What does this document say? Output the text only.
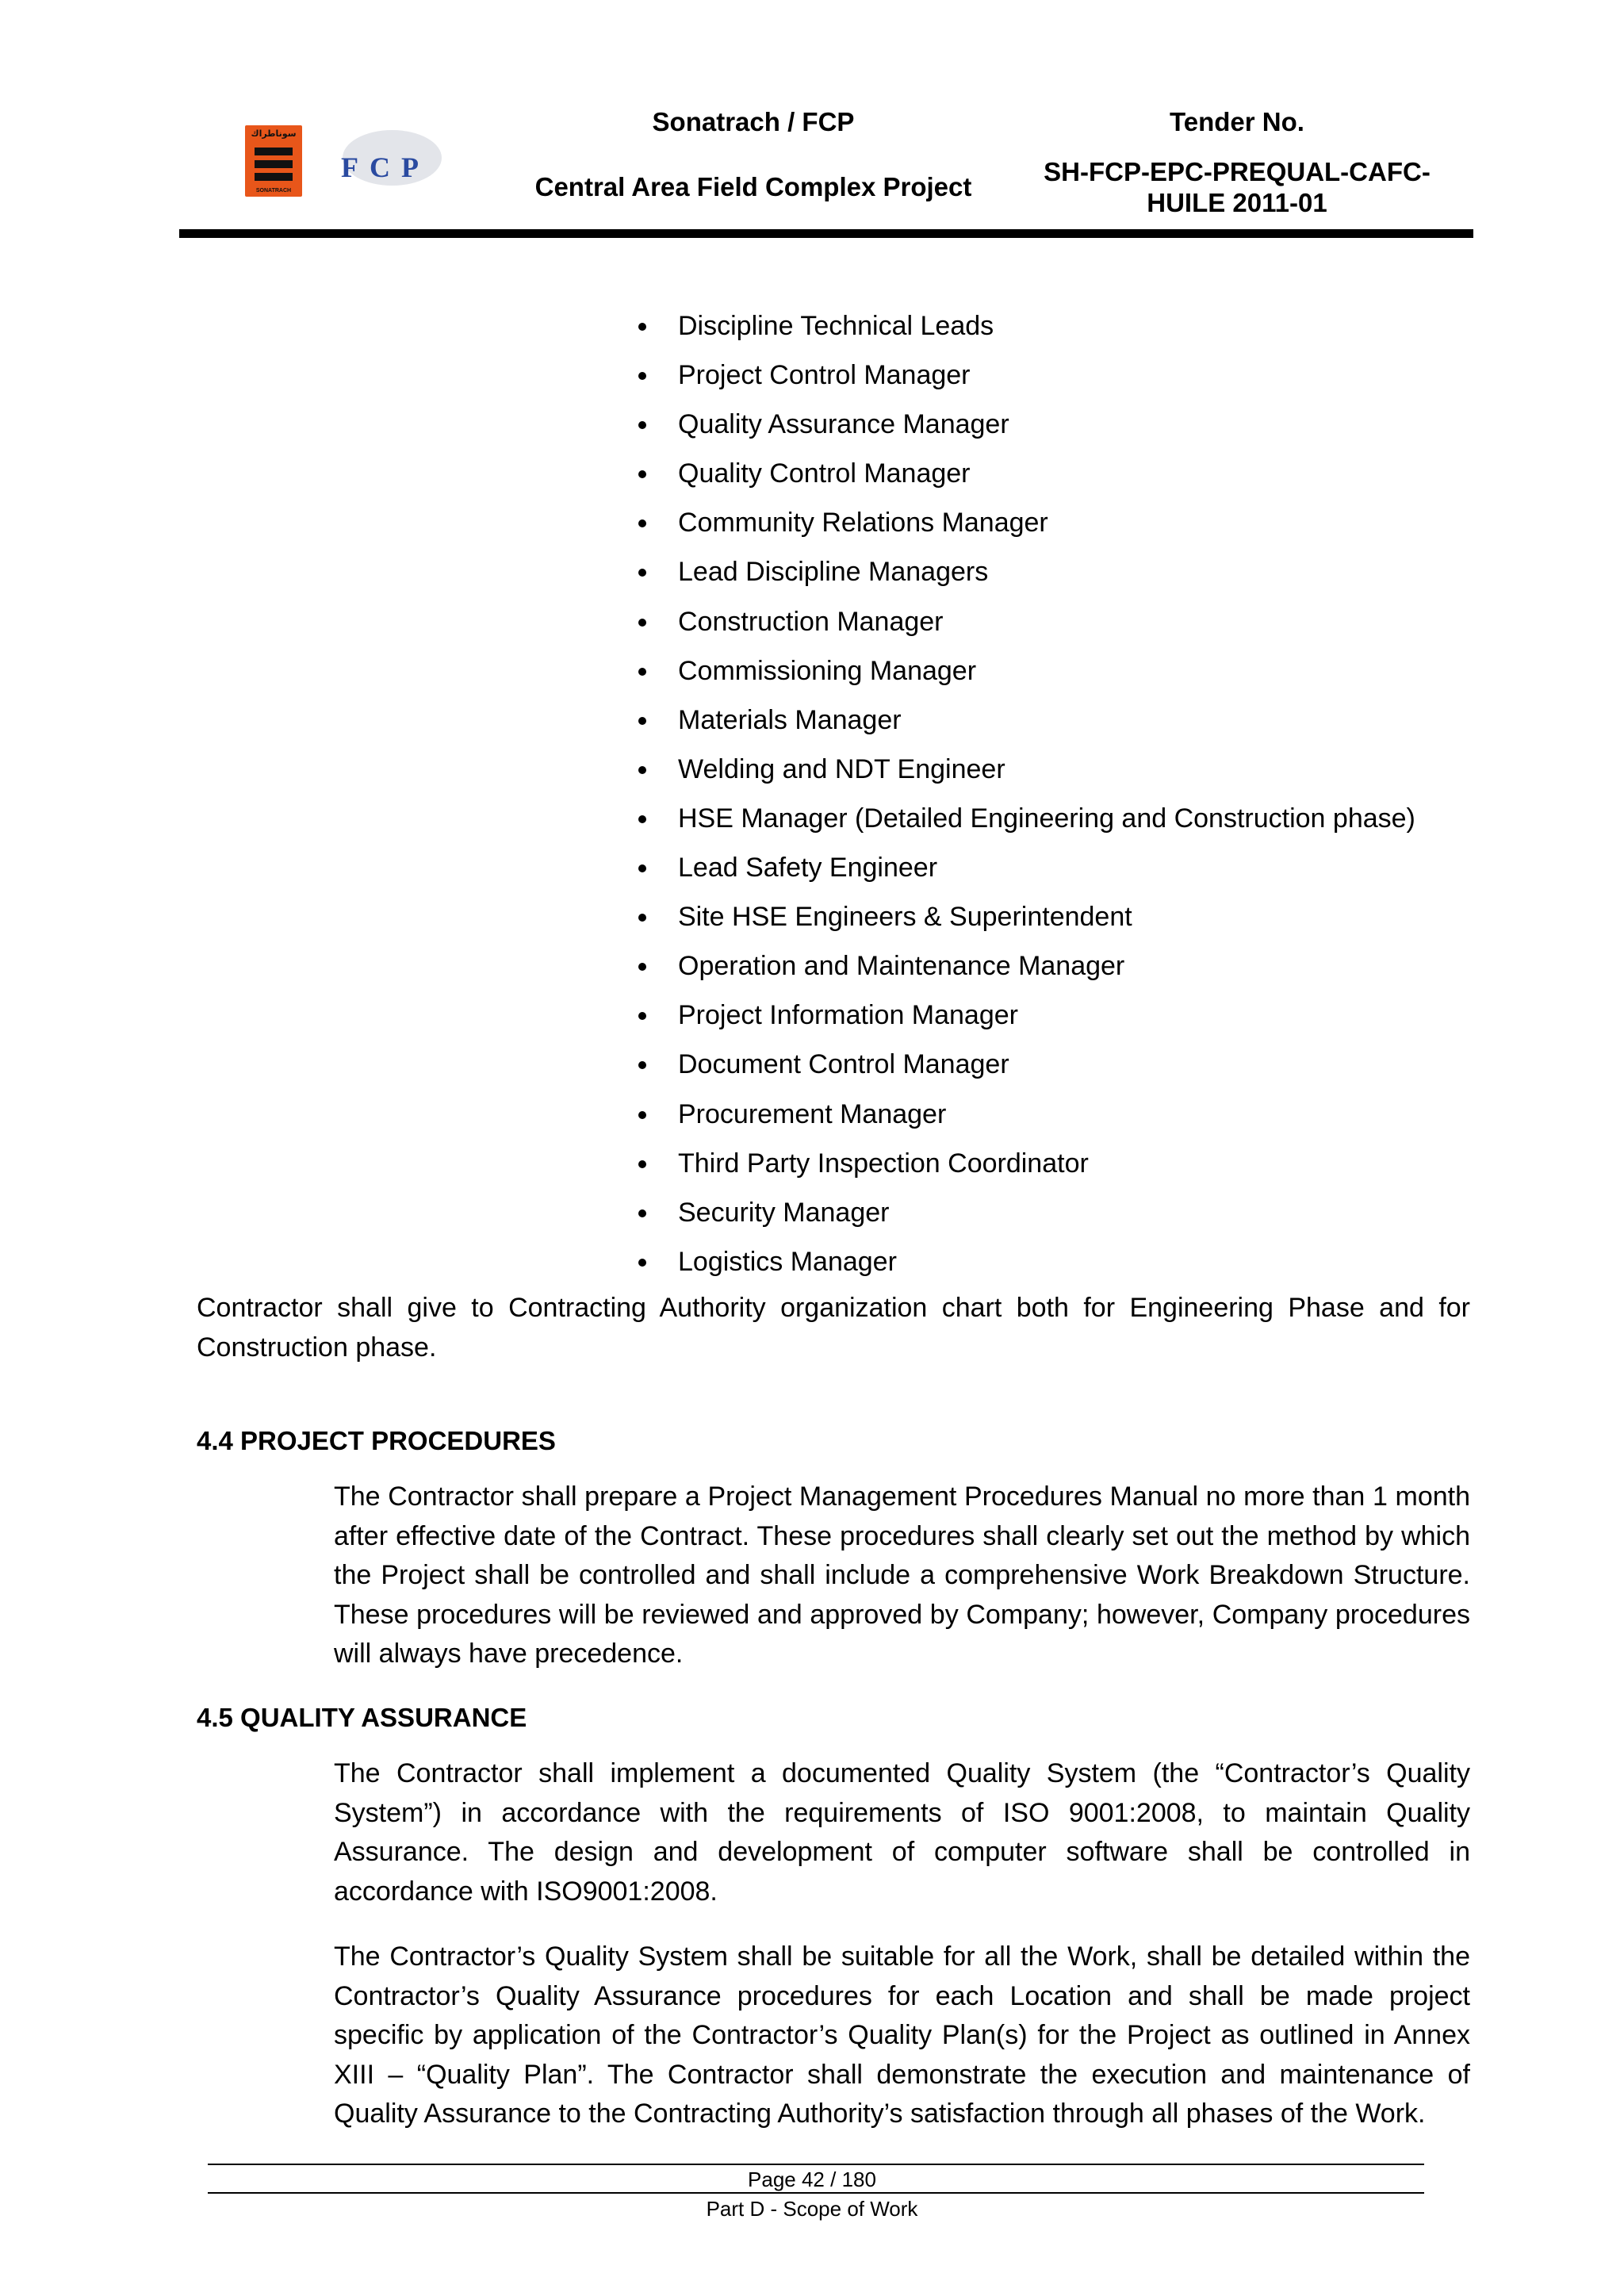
سوناطراك
SONATRACH
FCP
Sonatrach / FCP
Central Area Field Complex Project
Tender No.
SH-FCP-EPC-PREQUAL-CAFC-
HUILE 2011-01
Discipline Technical Leads
Project Control Manager
Quality Assurance Manager
Quality Control Manager
Community Relations Manager
Lead Discipline Managers
Construction Manager
Commissioning Manager
Materials Manager
Welding and NDT Engineer
HSE Manager (Detailed Engineering and Construction phase)
Lead Safety Engineer
Site HSE Engineers & Superintendent
Operation and Maintenance Manager
Project Information Manager
Document Control Manager
Procurement Manager
Third Party Inspection Coordinator
Security Manager
Logistics Manager
Contractor shall give to Contracting Authority organization chart both for Engineering Phase and for Construction phase.
4.4 PROJECT PROCEDURES
The Contractor shall prepare a Project Management Procedures Manual no more than 1 month after effective date of the Contract. These procedures shall clearly set out the method by which the Project shall be controlled and shall include a comprehensive Work Breakdown Structure. These procedures will be reviewed and approved by Company; however, Company procedures will always have precedence.
4.5 QUALITY ASSURANCE
The Contractor shall implement a documented Quality System (the “Contractor’s Quality System”) in accordance with the requirements of ISO 9001:2008, to maintain Quality Assurance. The design and development of computer software shall be controlled in accordance with ISO9001:2008.
The Contractor’s Quality System shall be suitable for all the Work, shall be detailed within the Contractor’s Quality Assurance procedures for each Location and shall be made project specific by application of the Contractor’s Quality Plan(s) for the Project as outlined in Annex XIII – “Quality Plan”. The Contractor shall demonstrate the execution and maintenance of Quality Assurance to the Contracting Authority’s satisfaction through all phases of the Work.
Page 42 / 180
Part D - Scope of Work
